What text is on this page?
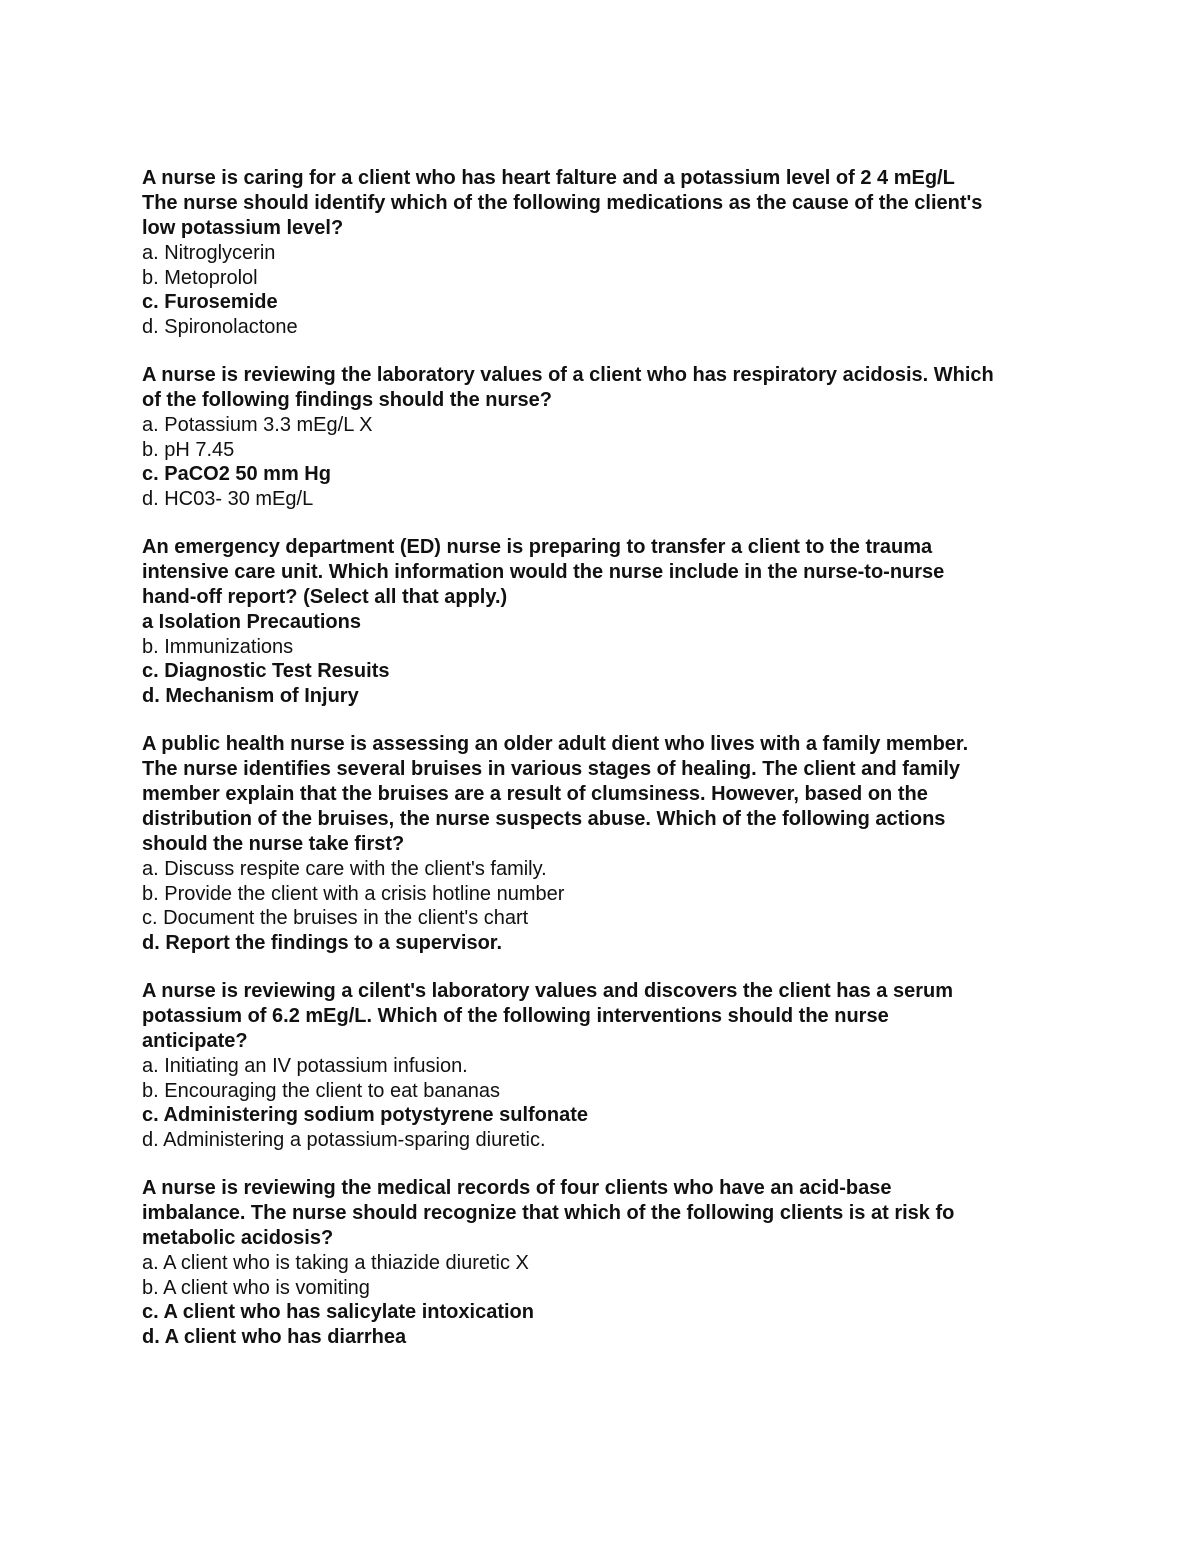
A nurse is caring for a client who has heart falture and a potassium level of 2 4 mEg/L

The nurse should identify which of the following medications as the cause of the client's

low potassium level?

a. Nitroglycerin

b. Metoprolol

c. Furosemide

d. Spironolactone

A nurse is reviewing the laboratory values of a client who has respiratory acidosis. Which

of the following findings should the nurse?

a. Potassium 3.3 mEg/L X

b. pH 7.45

c. PaCO2 50 mm Hg

d. HC03- 30 mEg/L

An emergency department (ED) nurse is preparing to transfer a client to the trauma

intensive care unit. Which information would the nurse include in the nurse-to-nurse

hand-off report? (Select all that apply.)

a Isolation Precautions

b. Immunizations

c. Diagnostic Test Resuits

d. Mechanism of Injury

A public health nurse is assessing an older adult dient who lives with a family member.

The nurse identifies several bruises in various stages of healing. The client and family

member explain that the bruises are a result of clumsiness. However, based on the

distribution of the bruises, the nurse suspects abuse. Which of the following actions

should the nurse take first?

a. Discuss respite care with the client's family.

b. Provide the client with a crisis hotline number

c. Document the bruises in the client's chart

d. Report the findings to a supervisor.

A nurse is reviewing a cilent's laboratory values and discovers the client has a serum

potassium of 6.2 mEg/L. Which of the following interventions should the nurse

anticipate?

a. Initiating an IV potassium infusion.

b. Encouraging the client to eat bananas

c. Administering sodium potystyrene sulfonate

d. Administering a potassium-sparing diuretic.

A nurse is reviewing the medical records of four clients who have an acid-base

imbalance. The nurse should recognize that which of the following clients is at risk fo

metabolic acidosis?

a. A client who is taking a thiazide diuretic X

b. A client who is vomiting

c. A client who has salicylate intoxication

d. A client who has diarrhea
